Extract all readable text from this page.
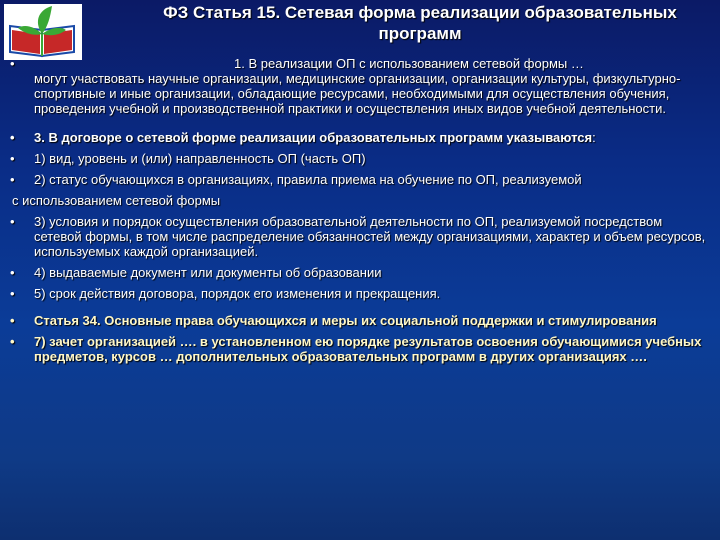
ФЗ Статья 15. Сетевая форма реализации образовательных
программ
•	1. В реализации ОП с использованием сетевой формы …
могут участвовать научные организации, медицинские организации, организации культуры, физкультурно-спортивные и иные организации, обладающие ресурсами, необходимыми для осуществления обучения, проведения учебной и производственной практики и осуществления иных видов учебной деятельности.
• 3. В договоре о сетевой форме реализации образовательных программ указываются:
• 1) вид, уровень и (или) направленность ОП (часть ОП)
• 2) статус обучающихся в организациях, правила приема на обучение по ОП, реализуемой
с использованием сетевой формы
• 3) условия и порядок осуществления образовательной деятельности по ОП, реализуемой посредством сетевой формы, в том числе распределение обязанностей между организациями, характер и объем ресурсов, используемых каждой организацией.
• 4) выдаваемые документ или документы об образовании
• 5) срок действия договора, порядок его изменения и прекращения.
• Статья 34. Основные права обучающихся и меры их социальной поддержки и стимулирования
• 7) зачет организацией …. в установленном ею порядке результатов освоения обучающимися учебных предметов, курсов … дополнительных образовательных программ в других организациях ….
